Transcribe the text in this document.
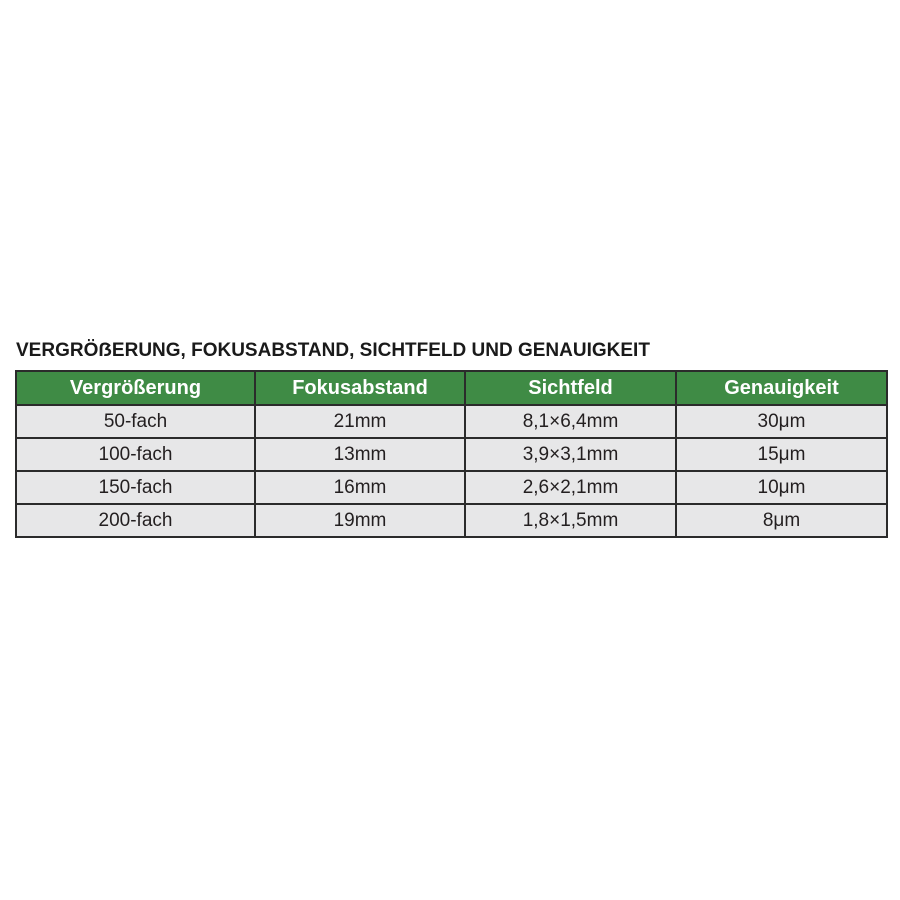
VERGRÖẞERUNG, FOKUSABSTAND, SICHTFELD UND GENAUIGKEIT
Vergrößerung	Fokusabstand	Sichtfeld	Genauigkeit
50-fach	21mm	8,1×6,4mm	30μm
100-fach	13mm	3,9×3,1mm	15μm
150-fach	16mm	2,6×2,1mm	10μm
200-fach	19mm	1,8×1,5mm	8μm
